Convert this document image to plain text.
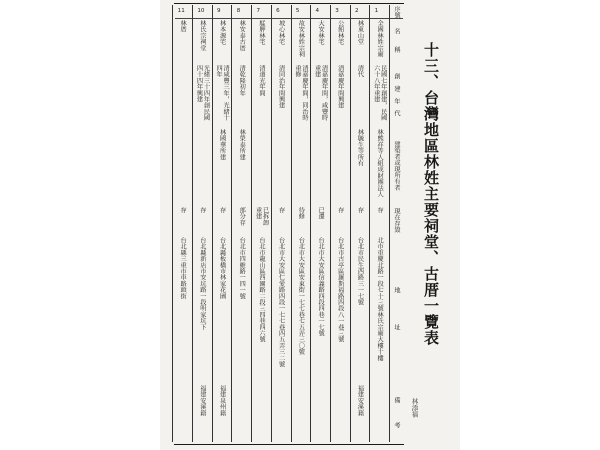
十三、台灣地區林姓主要祠堂、古厝一覽表
林添福
序號
名　　稱
創　建　年　代
建築者或現所有者
現在存毀
地　　　　　址
備　　　考
1
全國林姓宗廟
民國七年創建，民國
六十八年重建
林熊祥等人組成財團法人
存
北市重慶北路一段七十三號林氏宗廟大樓十樓
2
林東山堂
清代
林毓生等所有
存
台北市民生西路三一七號
福建安溪籍
3
公館林宅
清嘉慶年間興建
存
台北市古亭區羅斯福路四段八一巷三號
4
大安林宅
清嘉慶年間，咸豐時
重建
已遷
台北市大安區信義路四段四巷一七號
5
故安林姓宗祠
清嘉慶年間，同治時
重修
待修
台北市大安區安東街一七七巷七五弄三〇號
6
坡心林宅
清同治年間興建
存
台北市大安區仁愛路四段一七七巷四五弄三二號
7
艋舺林宅
清道光年間
已拆卸
重建
台北市龍山區西園路二段三四巷四六號
8
林安泰古厝
清乾隆初年
林榮泰所建
部分存
台北市四維路一四一號
9
林本源宅
清咸豐三年，光緒十
四年
林國華所建
存
台北縣板橋市林家花園
福建泉州籍
10
林氏宗祠堂
光緒三十四年創民國
四十四年興建
存
台北縣新店市安坑路一段明家坑下
福建安溪籍
11
林厝
存
台北縣三重市車路頭街
